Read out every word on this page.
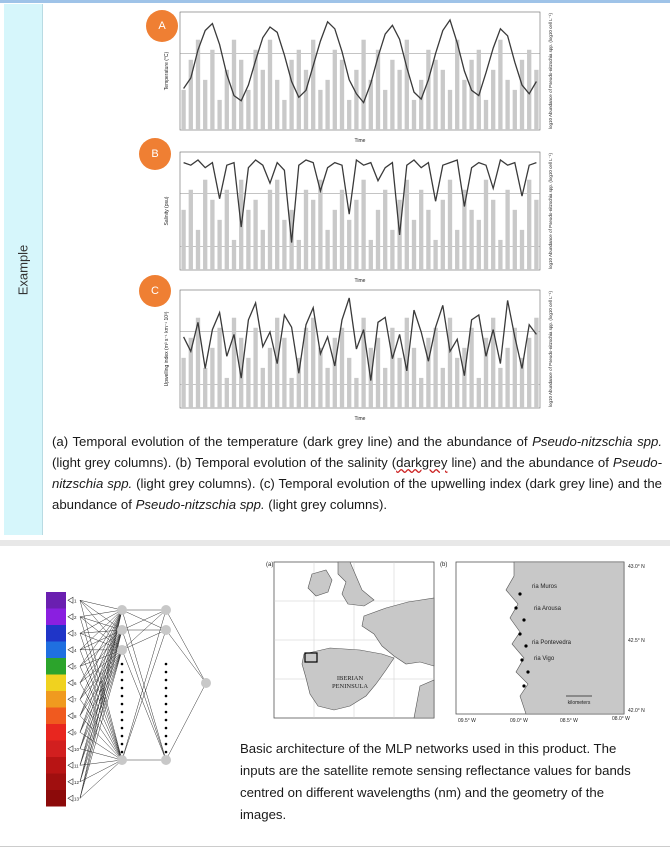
Example
Temperature (°C)	log10 Abundance of Pseudo-nitzschia spp. (log10 cell L⁻¹)
Time
Salinity (psu)	log10 Abundance of Pseudo-nitzschia spp. (log10 cell L⁻¹)
Time
Upwelling index (m³ s⁻¹ km⁻¹ 10³)	log10 Abundance of Pseudo-nitzschia spp. (log10 cell L⁻¹)
Time
A
B
C
(a) Temporal evolution of the temperature (dark grey line) and the abundance of Pseudo-nitzschia spp. (light grey columns). (b) Temporal evolution of the salinity (darkgrey line) and the abundance of Pseudo-nitzschia spp. (light grey columns). (c) Temporal evolution of the upwelling index (dark grey line) and the abundance of Pseudo-nitzschia spp. (light grey columns).
1
2
3
4
5
6
7
8
9
10
11
12
13
(a)
IBERIAN
PENINSULA
(b)
ria Muros
ria Arousa
ria Pontevedra
ria Vigo
kilometers
43.0° N
42.5° N
42.0° N
09.5° W	09.0° W	08.5° W	08.0° W
Basic architecture of the MLP networks used in this product. The inputs are the satellite remote sensing reflectance values for bands centred on different wavelengths (nm) and the geometry of the images.
